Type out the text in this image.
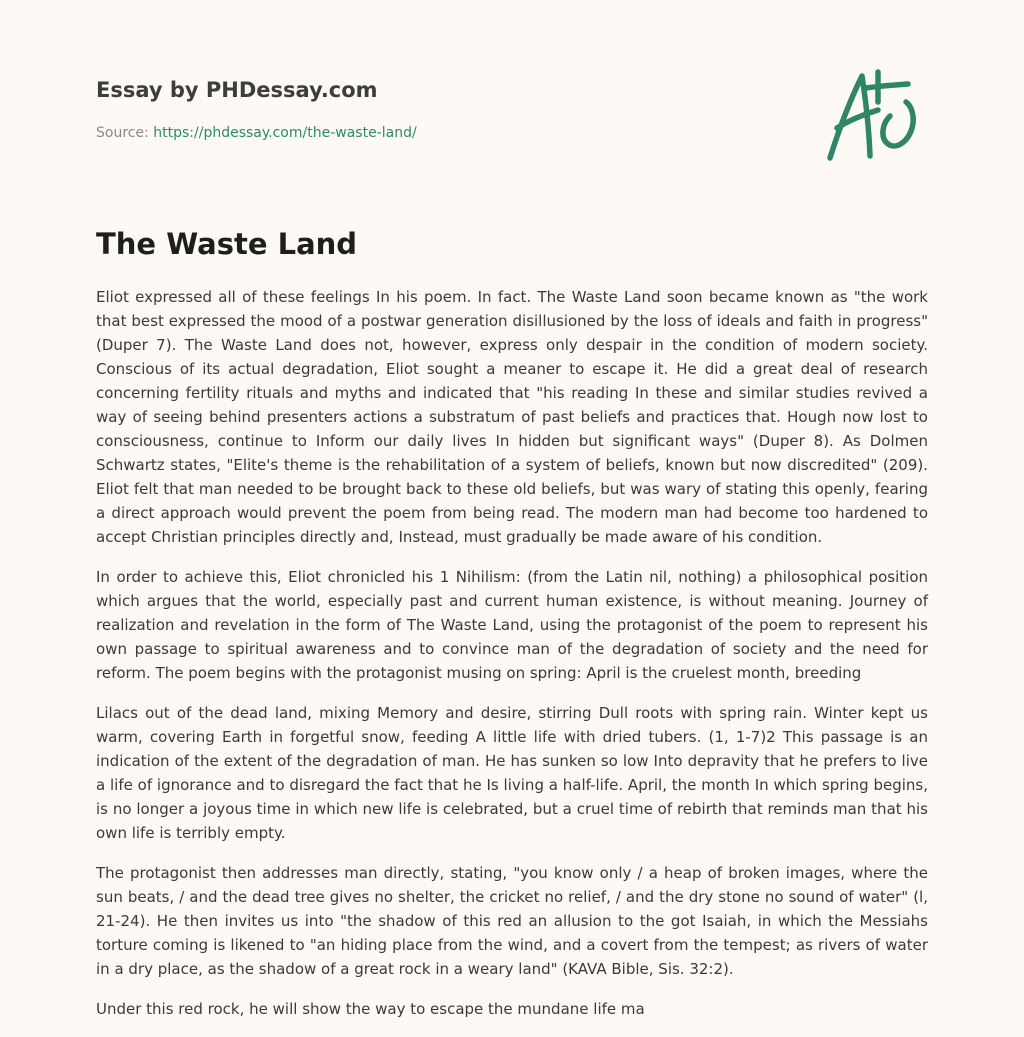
Essay by PHDessay.com
Source: https://phdessay.com/the-waste-land/
The Waste Land

Eliot expressed all of these feelings In his poem. In fact. The Waste Land soon became known as "the work that best expressed the mood of a postwar generation disillusioned by the loss of ideals and faith in progress" (Duper 7). The Waste Land does not, however, express only despair in the condition of modern society. Conscious of its actual degradation, Eliot sought a meaner to escape it. He did a great deal of research concerning fertility rituals and myths and indicated that "his reading In these and similar studies revived a way of seeing behind presenters actions a substratum of past beliefs and practices that. Hough now lost to consciousness, continue to Inform our daily lives In hidden but significant ways" (Duper 8). As Dolmen Schwartz states, "Elite's theme is the rehabilitation of a system of beliefs, known but now discredited" (209). Eliot felt that man needed to be brought back to these old beliefs, but was wary of stating this openly, fearing a direct approach would prevent the poem from being read. The modern man had become too hardened to accept Christian principles directly and, Instead, must gradually be made aware of his condition.

In order to achieve this, Eliot chronicled his 1 Nihilism: (from the Latin nil, nothing) a philosophical position which argues that the world, especially past and current human existence, is without meaning. Journey of realization and revelation in the form of The Waste Land, using the protagonist of the poem to represent his own passage to spiritual awareness and to convince man of the degradation of society and the need for reform. The poem begins with the protagonist musing on spring: April is the cruelest month, breeding

Lilacs out of the dead land, mixing Memory and desire, stirring Dull roots with spring rain. Winter kept us warm, covering Earth in forgetful snow, feeding A little life with dried tubers. (1, 1-7)2 This passage is an indication of the extent of the degradation of man. He has sunken so low Into depravity that he prefers to live a life of ignorance and to disregard the fact that he Is living a half-life. April, the month In which spring begins, is no longer a joyous time in which new life is celebrated, but a cruel time of rebirth that reminds man that his own life is terribly empty.

The protagonist then addresses man directly, stating, "you know only / a heap of broken images, where the sun beats, / and the dead tree gives no shelter, the cricket no relief, / and the dry stone no sound of water" (l, 21-24). He then invites us into "the shadow of this red an allusion to the got Isaiah, in which the Messiahs torture coming is likened to "an hiding place from the wind, and a covert from the tempest; as rivers of water in a dry place, as the shadow of a great rock in a weary land" (KAVA Bible, Sis. 32:2).

Under this red rock, he will show the way to escape the mundane life ma
